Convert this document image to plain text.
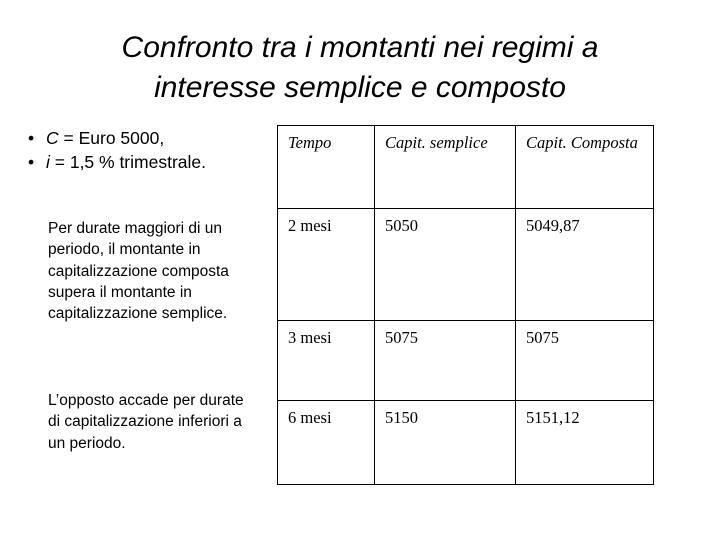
Confronto tra i montanti nei regimi a
interesse semplice e composto
• C = Euro 5000,
• i = 1,5 % trimestrale.

Per durate maggiori di un periodo, il montante in capitalizzazione composta supera il montante in capitalizzazione semplice.

L’opposto accade per durate di capitalizzazione inferiori a un periodo.

Tempo	Capit. semplice	Capit. Composta
2 mesi	5050	5049,87
3 mesi	5075	5075
6 mesi	5150	5151,12
